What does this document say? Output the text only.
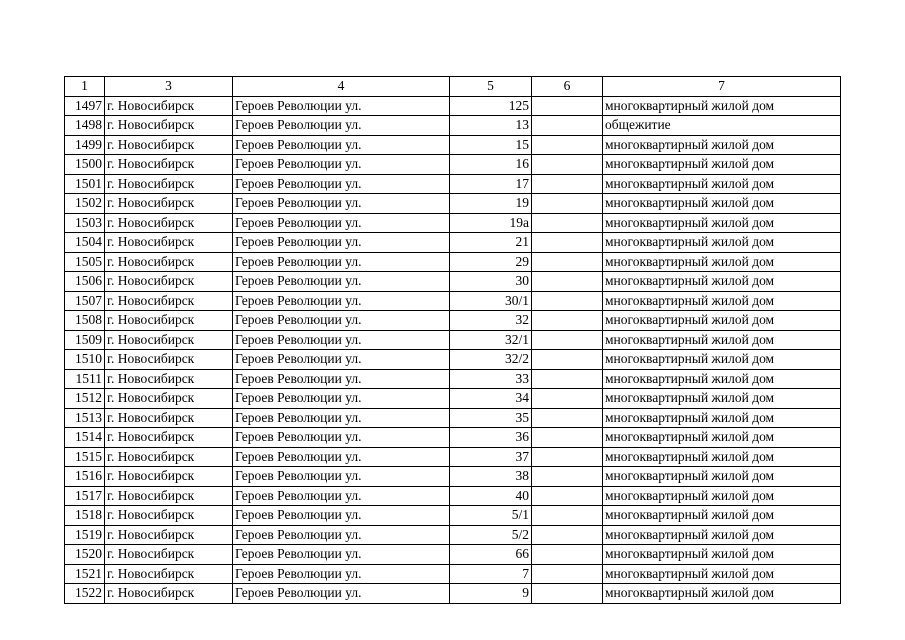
1	3	4	5	6	7
1497	г. Новосибирск	Героев Революции ул.	125		многоквартирный жилой дом
1498	г. Новосибирск	Героев Революции ул.	13		общежитие
1499	г. Новосибирск	Героев Революции ул.	15		многоквартирный жилой дом
1500	г. Новосибирск	Героев Революции ул.	16		многоквартирный жилой дом
1501	г. Новосибирск	Героев Революции ул.	17		многоквартирный жилой дом
1502	г. Новосибирск	Героев Революции ул.	19		многоквартирный жилой дом
1503	г. Новосибирск	Героев Революции ул.	19а		многоквартирный жилой дом
1504	г. Новосибирск	Героев Революции ул.	21		многоквартирный жилой дом
1505	г. Новосибирск	Героев Революции ул.	29		многоквартирный жилой дом
1506	г. Новосибирск	Героев Революции ул.	30		многоквартирный жилой дом
1507	г. Новосибирск	Героев Революции ул.	30/1		многоквартирный жилой дом
1508	г. Новосибирск	Героев Революции ул.	32		многоквартирный жилой дом
1509	г. Новосибирск	Героев Революции ул.	32/1		многоквартирный жилой дом
1510	г. Новосибирск	Героев Революции ул.	32/2		многоквартирный жилой дом
1511	г. Новосибирск	Героев Революции ул.	33		многоквартирный жилой дом
1512	г. Новосибирск	Героев Революции ул.	34		многоквартирный жилой дом
1513	г. Новосибирск	Героев Революции ул.	35		многоквартирный жилой дом
1514	г. Новосибирск	Героев Революции ул.	36		многоквартирный жилой дом
1515	г. Новосибирск	Героев Революции ул.	37		многоквартирный жилой дом
1516	г. Новосибирск	Героев Революции ул.	38		многоквартирный жилой дом
1517	г. Новосибирск	Героев Революции ул.	40		многоквартирный жилой дом
1518	г. Новосибирск	Героев Революции ул.	5/1		многоквартирный жилой дом
1519	г. Новосибирск	Героев Революции ул.	5/2		многоквартирный жилой дом
1520	г. Новосибирск	Героев Революции ул.	66		многоквартирный жилой дом
1521	г. Новосибирск	Героев Революции ул.	7		многоквартирный жилой дом
1522	г. Новосибирск	Героев Революции ул.	9		многоквартирный жилой дом
